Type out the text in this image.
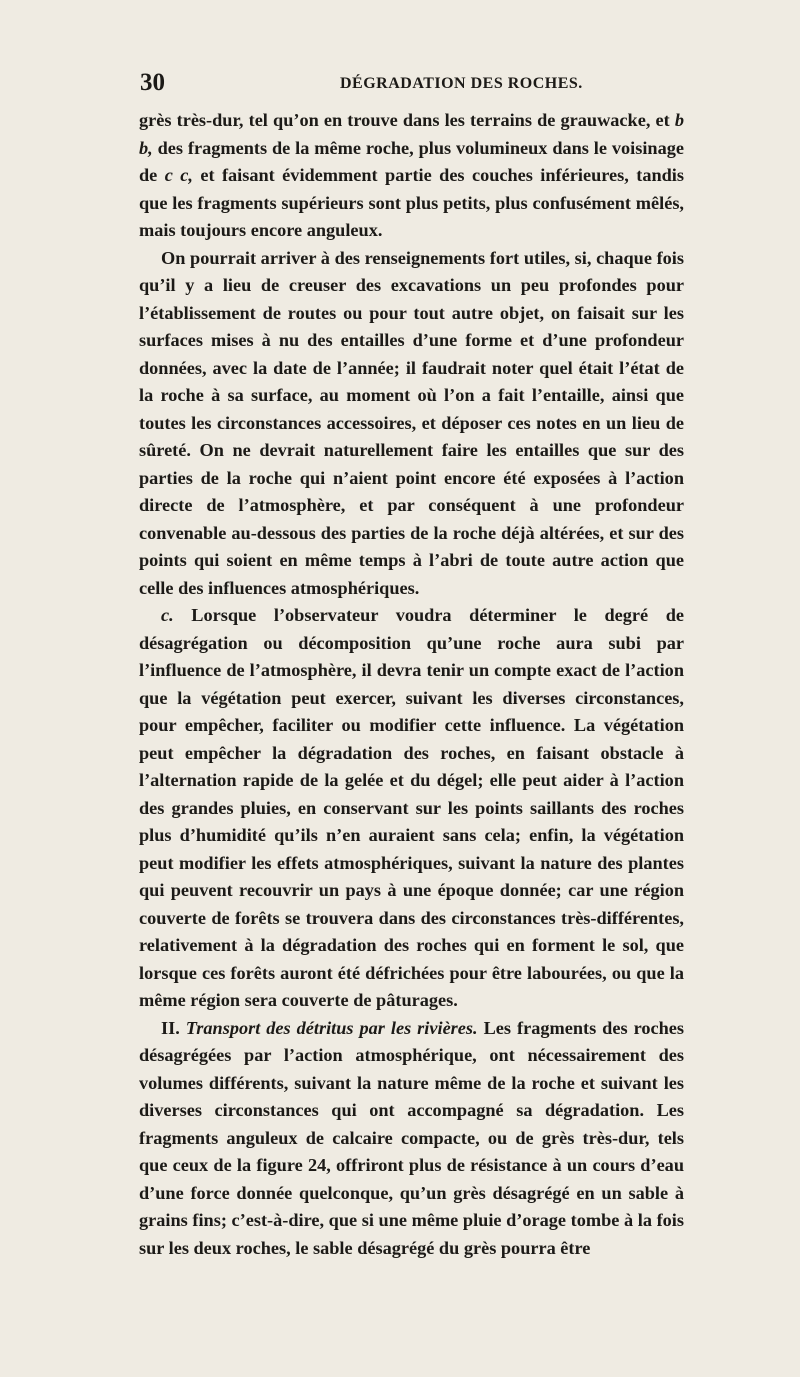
30	DÉGRADATION DES ROCHES.

grès très-dur, tel qu’on en trouve dans les terrains de grauwacke, et b b, des fragments de la même roche, plus volumineux dans le voisinage de c c, et faisant évidemment partie des couches inférieures, tandis que les fragments supérieurs sont plus petits, plus confusément mêlés, mais toujours encore anguleux.

On pourrait arriver à des renseignements fort utiles, si, chaque fois qu’il y a lieu de creuser des excavations un peu profondes pour l’établissement de routes ou pour tout autre objet, on faisait sur les surfaces mises à nu des entailles d’une forme et d’une profondeur données, avec la date de l’année; il faudrait noter quel était l’état de la roche à sa surface, au moment où l’on a fait l’entaille, ainsi que toutes les circonstances accessoires, et déposer ces notes en un lieu de sûreté. On ne devrait naturellement faire les entailles que sur des parties de la roche qui n’aient point encore été exposées à l’action directe de l’atmosphère, et par conséquent à une profondeur convenable au-dessous des parties de la roche déjà altérées, et sur des points qui soient en même temps à l’abri de toute autre action que celle des influences atmosphériques.

c. Lorsque l’observateur voudra déterminer le degré de désagrégation ou décomposition qu’une roche aura subi par l’influence de l’atmosphère, il devra tenir un compte exact de l’action que la végétation peut exercer, suivant les diverses circonstances, pour empêcher, faciliter ou modifier cette influence. La végétation peut empêcher la dégradation des roches, en faisant obstacle à l’alternation rapide de la gelée et du dégel; elle peut aider à l’action des grandes pluies, en conservant sur les points saillants des roches plus d’humidité qu’ils n’en auraient sans cela; enfin, la végétation peut modifier les effets atmosphériques, suivant la nature des plantes qui peuvent recouvrir un pays à une époque donnée; car une région couverte de forêts se trouvera dans des circonstances très-différentes, relativement à la dégradation des roches qui en forment le sol, que lorsque ces forêts auront été défrichées pour être labourées, ou que la même région sera couverte de pâturages.

II. Transport des détritus par les rivières. Les fragments des roches désagrégées par l’action atmosphérique, ont nécessairement des volumes différents, suivant la nature même de la roche et suivant les diverses circonstances qui ont accompagné sa dégradation. Les fragments anguleux de calcaire compacte, ou de grès très-dur, tels que ceux de la figure 24, offriront plus de résistance à un cours d’eau d’une force donnée quelconque, qu’un grès désagrégé en un sable à grains fins; c’est-à-dire, que si une même pluie d’orage tombe à la fois sur les deux roches, le sable désagrégé du grès pourra être
